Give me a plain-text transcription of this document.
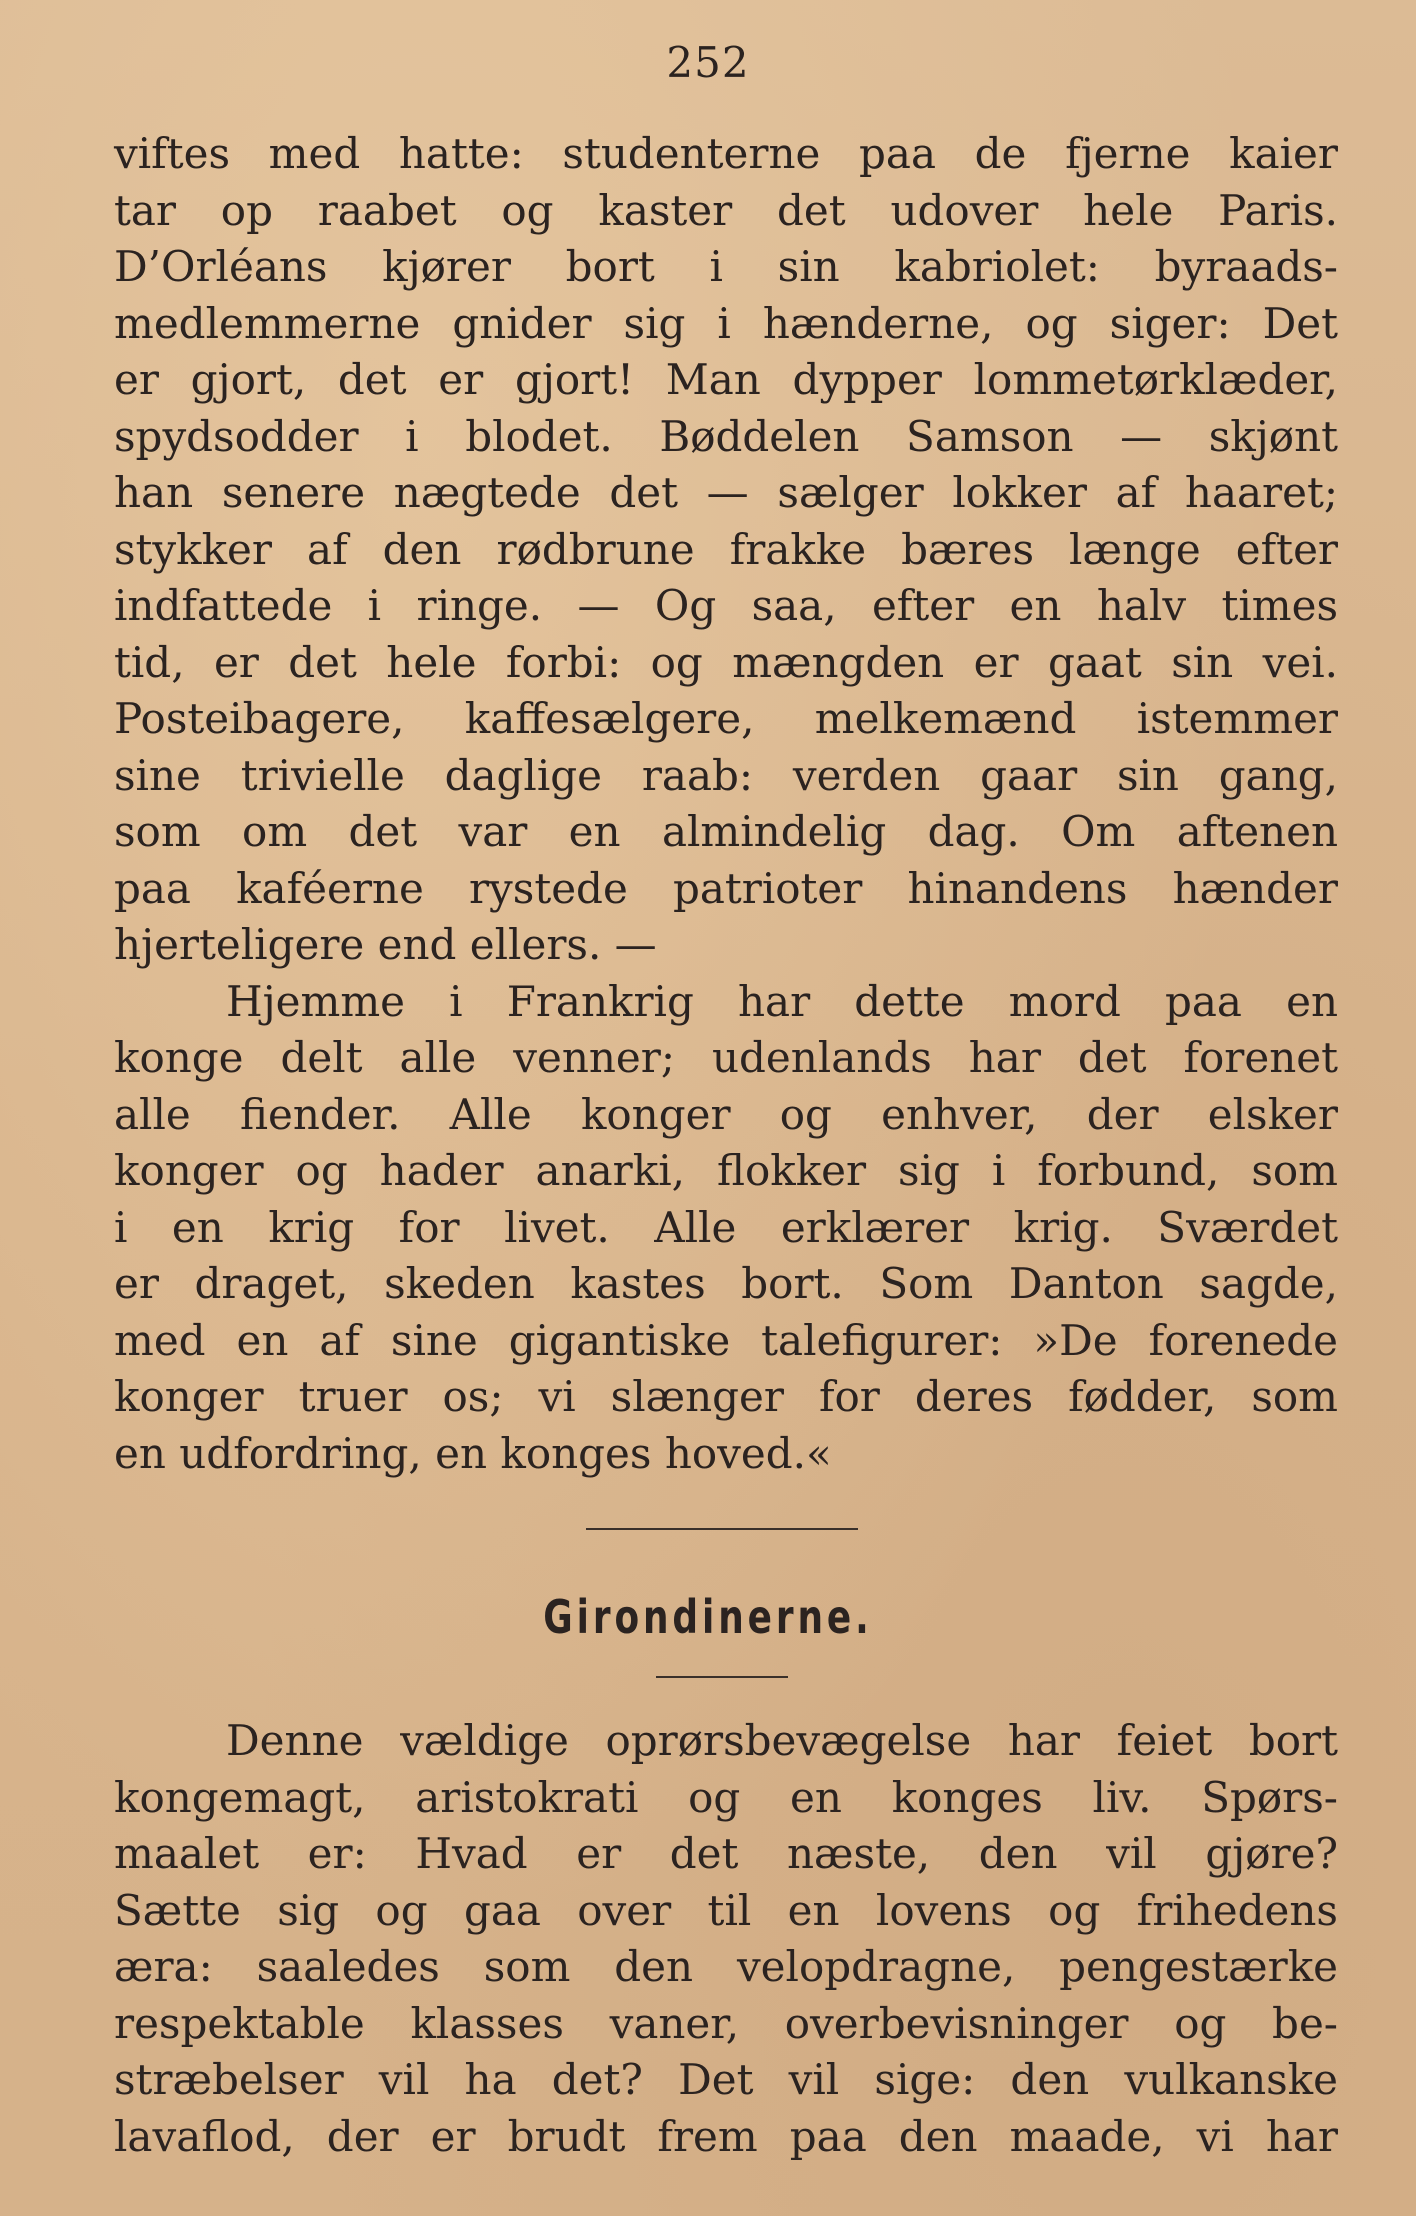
252
viftes med hatte: studenterne paa de fjerne kaier
tar op raabet og kaster det udover hele Paris.
D’Orléans kjører bort i sin kabriolet: byraads-
medlemmerne gnider sig i hænderne, og siger: Det
er gjort, det er gjort! Man dypper lommetørklæder,
spydsodder i blodet. Bøddelen Samson — skjønt
han senere nægtede det — sælger lokker af haaret;
stykker af den rødbrune frakke bæres længe efter
indfattede i ringe. — Og saa, efter en halv times
tid, er det hele forbi: og mængden er gaat sin vei.
Posteibagere, kaffesælgere, melkemænd istemmer
sine trivielle daglige raab: verden gaar sin gang,
som om det var en almindelig dag. Om aftenen
paa kaféerne rystede patrioter hinandens hænder
hjerteligere end ellers. —
Hjemme i Frankrig har dette mord paa en
konge delt alle venner; udenlands har det forenet
alle fiender. Alle konger og enhver, der elsker
konger og hader anarki, flokker sig i forbund, som
i en krig for livet. Alle erklærer krig. Sværdet
er draget, skeden kastes bort. Som Danton sagde,
med en af sine gigantiske talefigurer: »De forenede
konger truer os; vi slænger for deres fødder, som
en udfordring, en konges hoved.«
Girondinerne.
Denne vældige oprørsbevægelse har feiet bort
kongemagt, aristokrati og en konges liv. Spørs-
maalet er: Hvad er det næste, den vil gjøre?
Sætte sig og gaa over til en lovens og frihedens
æra: saaledes som den velopdragne, pengestærke
respektable klasses vaner, overbevisninger og be-
stræbelser vil ha det? Det vil sige: den vulkanske
lavaflod, der er brudt frem paa den maade, vi har
